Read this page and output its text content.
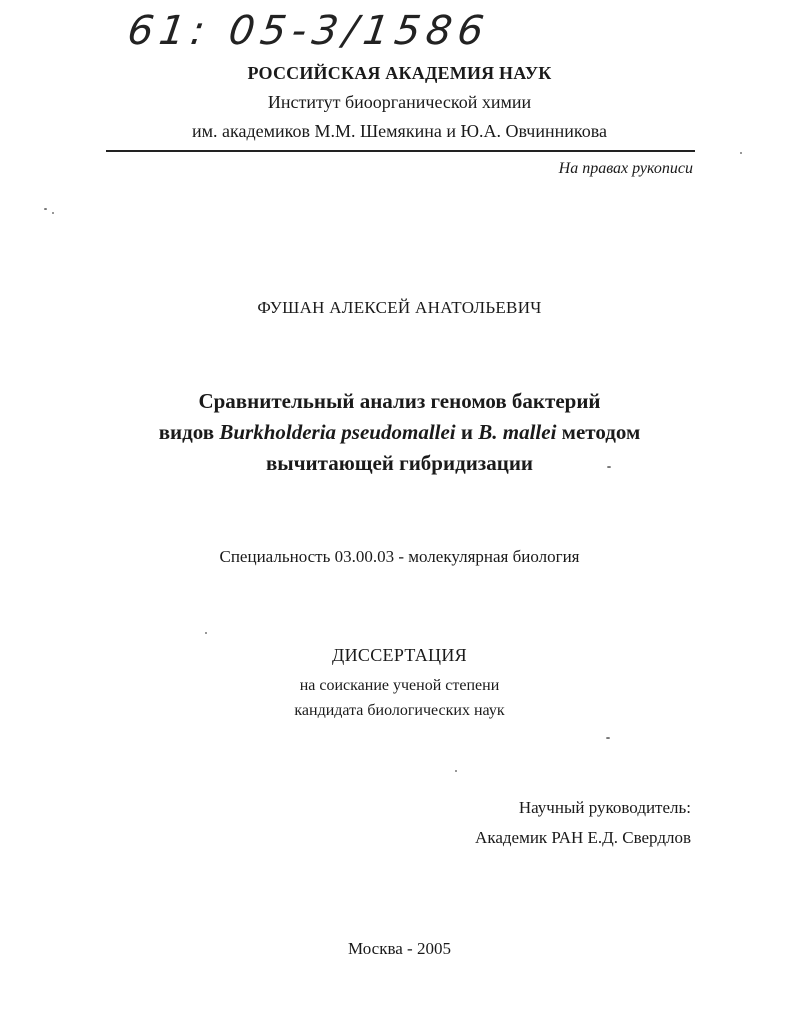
61: 05-3/1586
РОССИЙСКАЯ АКАДЕМИЯ НАУК
Институт биоорганической химии
им. академиков М.М. Шемякина и Ю.А. Овчинникова
На правах рукописи
ФУШАН АЛЕКСЕЙ АНАТОЛЬЕВИЧ
Сравнительный анализ геномов бактерий
видов Burkholderia pseudomallei и B. mallei методом
вычитающей гибридизации
Специальность 03.00.03 - молекулярная биология
ДИССЕРТАЦИЯ
на соискание ученой степени
кандидата биологических наук
Научный руководитель:
Академик РАН Е.Д. Свердлов
Москва - 2005
